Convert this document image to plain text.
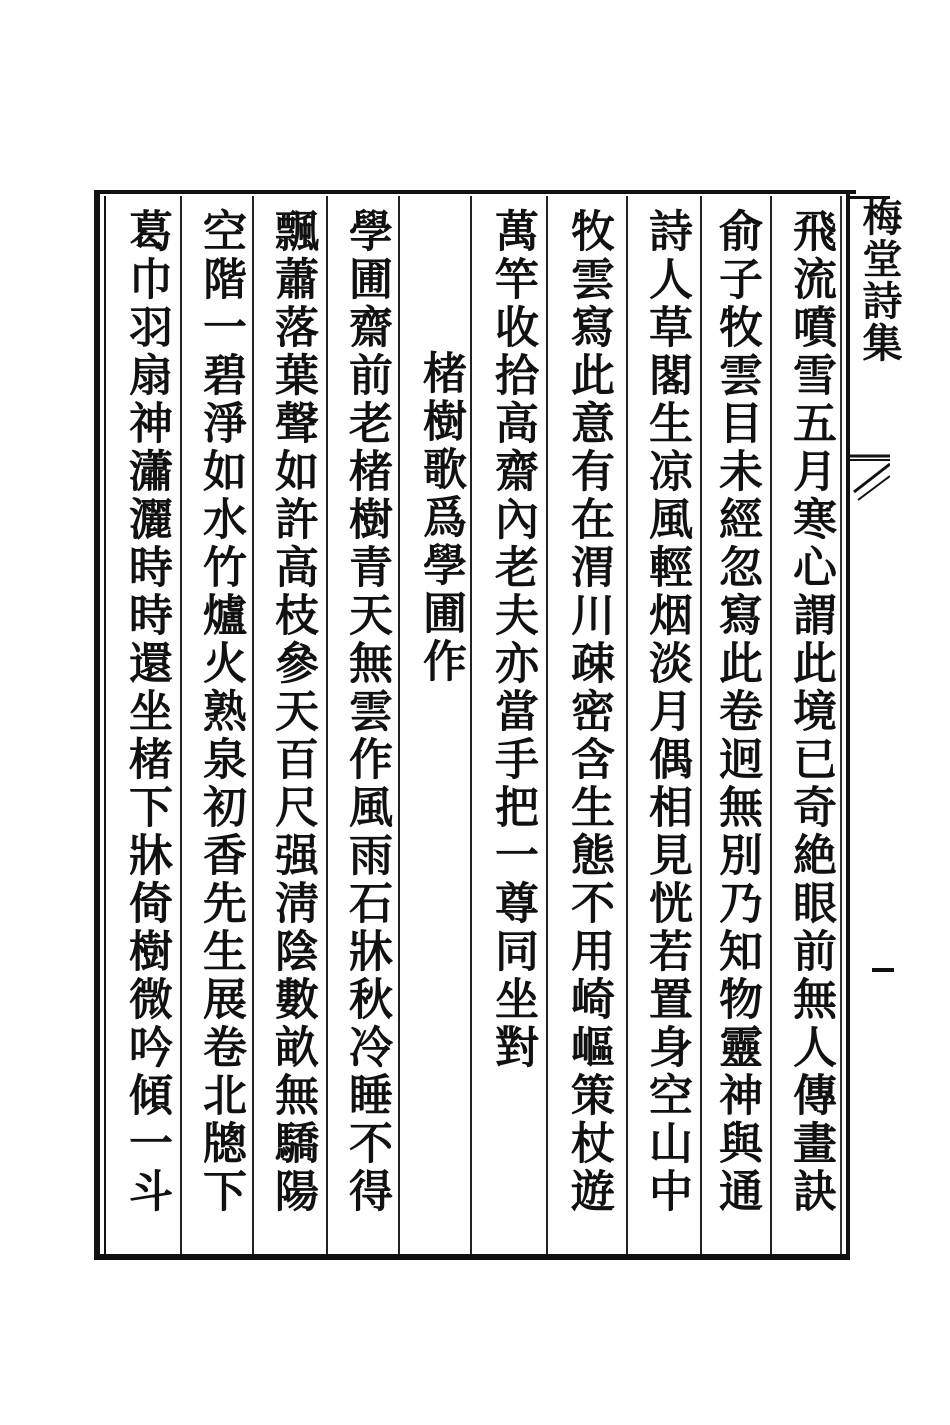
飛流噴雪五月寒心謂此境已奇絶眼前無人傳畫訣
俞子牧雲目未經忽寫此卷迥無別乃知物靈神與通
詩人草閣生凉風輕烟淡月偶相見恍若置身空山中
牧雲寫此意有在渭川疎密含生態不用崎嶇策杖遊
萬竿收拾高齋內老夫亦當手把一尊同坐對
楮樹歌爲學圃作
學圃齋前老楮樹青天無雲作風雨石牀秋冷睡不得
飄蕭落葉聲如許高枝參天百尺强淸陰數畝無驕陽
空階一碧淨如水竹爐火熟泉初香先生展卷北牕下
葛巾羽扇神瀟灑時時還坐楮下牀倚樹微吟傾一斗	梅堂詩集
